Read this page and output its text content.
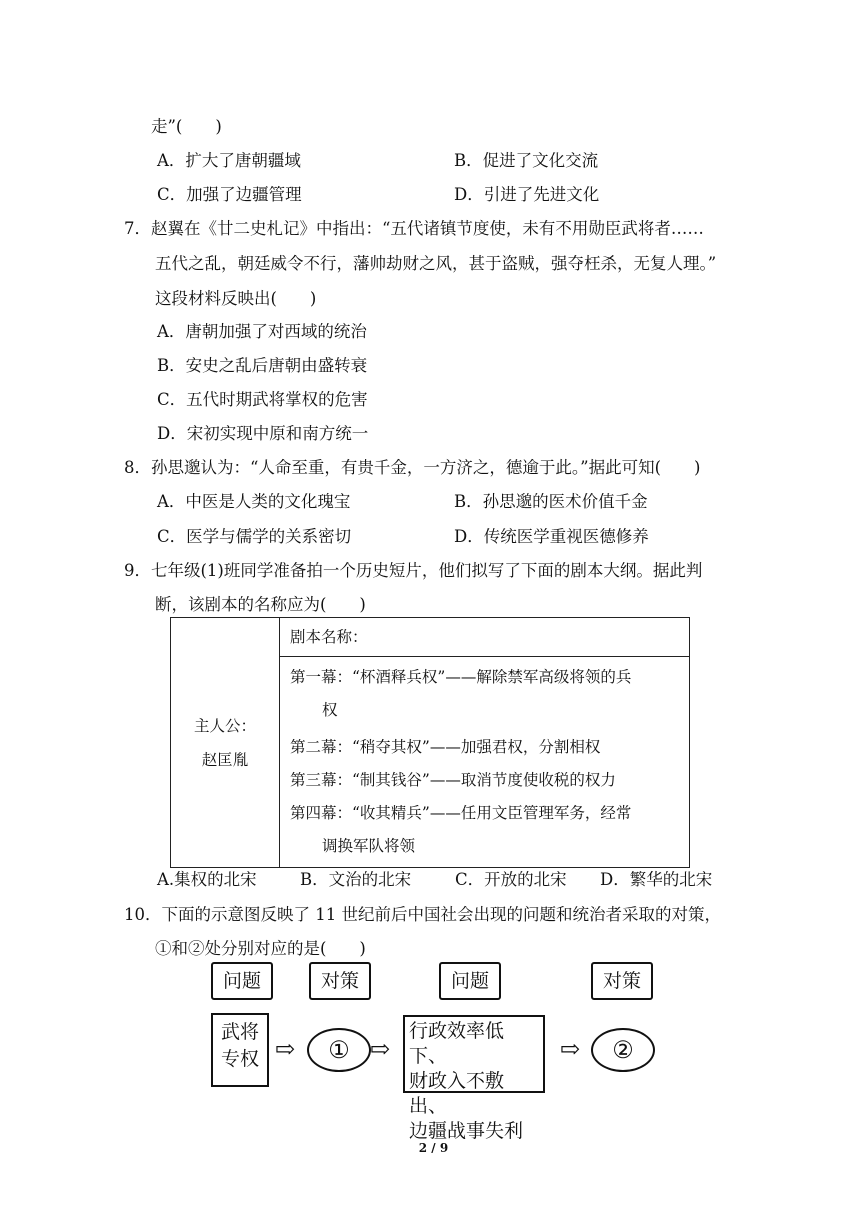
走”(　　)
A．扩大了唐朝疆域	B．促进了文化交流
C．加强了边疆管理	D．引进了先进文化
7．赵翼在《廿二史札记》中指出：“五代诸镇节度使，未有不用勋臣武将者……
五代之乱，朝廷威令不行，藩帅劫财之风，甚于盗贼，强夺枉杀，无复人理。”
这段材料反映出(　　)
A．唐朝加强了对西域的统治
B．安史之乱后唐朝由盛转衰
C．五代时期武将掌权的危害
D．宋初实现中原和南方统一
8．孙思邈认为：“人命至重，有贵千金，一方济之，德逾于此。”据此可知(　　)
A．中医是人类的文化瑰宝	B．孙思邈的医术价值千金
C．医学与儒学的关系密切	D．传统医学重视医德修养
9．七年级(1)班同学准备拍一个历史短片，他们拟写了下面的剧本大纲。据此判
断，该剧本的名称应为(　　)
主人公：
赵匡胤

剧本名称：
第一幕：“杯酒释兵权”——解除禁军高级将领的兵
权
第二幕：“稍夺其权”——加强君权，分割相权
第三幕：“制其钱谷”——取消节度使收税的权力
第四幕：“收其精兵”——任用文臣管理军务，经常
调换军队将领
A.集权的北宋	B．文治的北宋	C．开放的北宋 D．繁华的北宋
10．下面的示意图反映了 11 世纪前后中国社会出现的问题和统治者采取的对策，
①和②处分别对应的是(　　)
问题	对策	问题	对策
武将
专权 ⇨	① ⇨
行政效率低下、
财政入不敷出、
边疆战事失利
⇨	②
2 / 9
